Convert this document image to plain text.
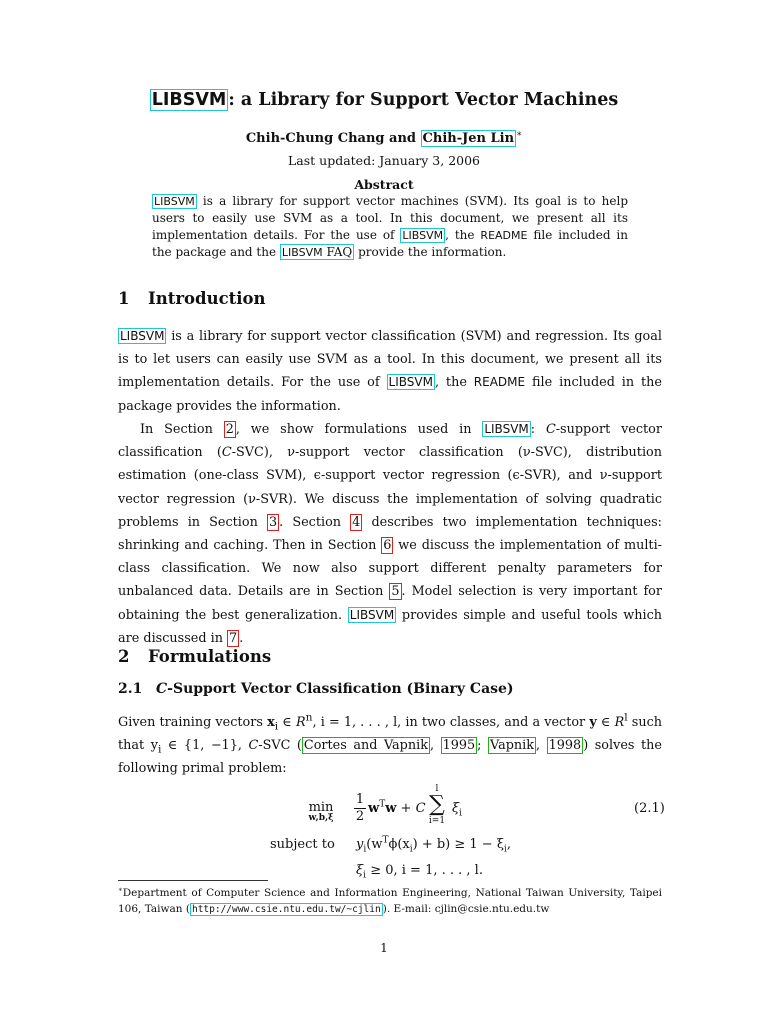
LIBSVM : a Library for Support Vector Machines
Chih-Chung Chang and Chih-Jen Lin ∗
Last updated: January 3, 2006
Abstract
LIBSVM is a library for support vector machines (SVM). Its goal is to help users to easily use SVM as a tool. In this document, we present all its implementation details. For the use of LIBSVM , the README file included in the package and the LIBSVM FAQ provide the information.
1 Introduction
LIBSVM is a library for support vector classification (SVM) and regression. Its goal is to let users can easily use SVM as a tool. In this document, we present all its implementation details. For the use of LIBSVM , the README file included in the package provides the information.
In Section 2 , we show formulations used in LIBSVM : C-support vector classification (C-SVC), ν-support vector classification (ν-SVC), distribution estimation (one-class SVM), ϵ-support vector regression (ϵ-SVR), and ν-support vector regression (ν-SVR). We discuss the implementation of solving quadratic problems in Section 3 . Section 4 describes two implementation techniques: shrinking and caching. Then in Section 6 we discuss the implementation of multi-class classification. We now also support different penalty parameters for unbalanced data. Details are in Section 5 . Model selection is very important for obtaining the best generalization. LIBSVM provides simple and useful tools which are discussed in 7 .
2 Formulations
2.1 C-Support Vector Classification (Binary Case)
Given training vectors $x_i$ ∈ $R^n$, i = 1, . . . , l, in two classes, and a vector y ∈ $R^l$ such that $y_i$ ∈ {1, −1}, C-SVC ( Cortes and Vapnik , 1995 ; Vapnik , 1998 ) solves the following primal problem:
min
w,b,ξ
1
2
$w^Tw + C$
l
∑
i=1
$\xi_i$	(2.1)
subject to $y_i(w^T\phi(x_i) + b) \ge 1 - \xi_i$,
$\xi_i \ge 0$, i = 1, . . . , l.
∗Department of Computer Science and Information Engineering, National Taiwan University, Taipei 106, Taiwan ( http://www.csie.ntu.edu.tw/~cjlin ). E-mail: cjlin@csie.ntu.edu.tw
1
